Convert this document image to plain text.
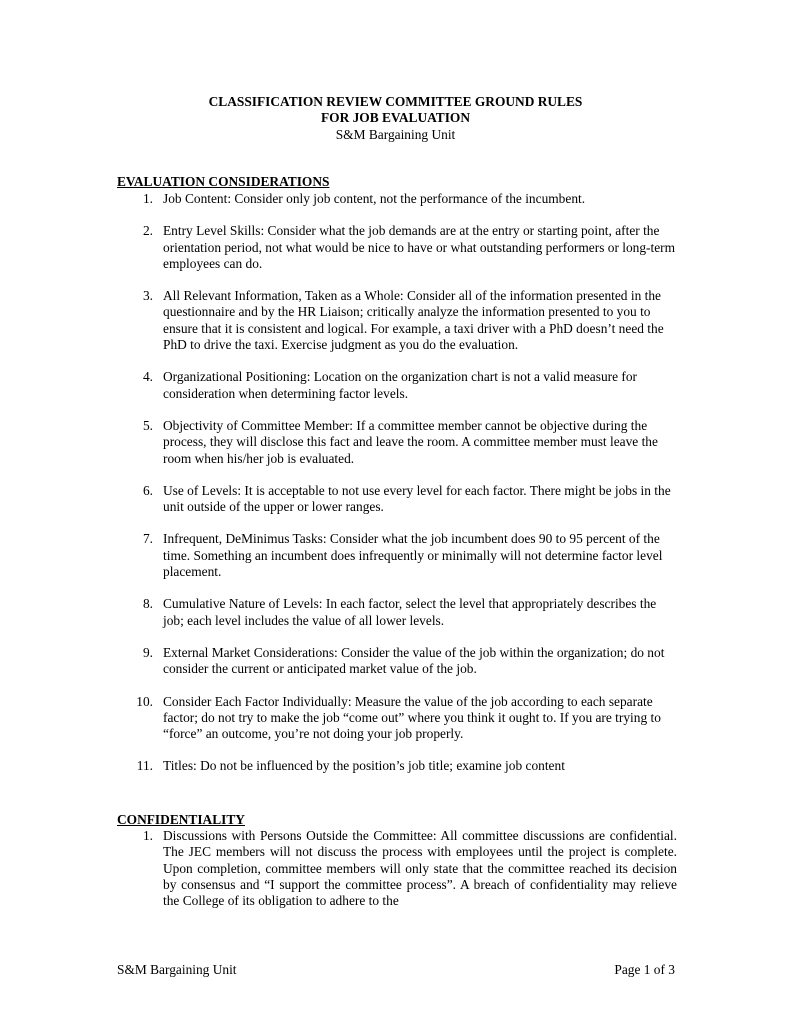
CLASSIFICATION REVIEW COMMITTEE GROUND RULES
FOR JOB EVALUATION
S&M Bargaining Unit
EVALUATION CONSIDERATIONS
1. Job Content: Consider only job content, not the performance of the incumbent.
2. Entry Level Skills: Consider what the job demands are at the entry or starting point, after the orientation period, not what would be nice to have or what outstanding performers or long-term employees can do.
3. All Relevant Information, Taken as a Whole: Consider all of the information presented in the questionnaire and by the HR Liaison; critically analyze the information presented to you to ensure that it is consistent and logical. For example, a taxi driver with a PhD doesn’t need the PhD to drive the taxi. Exercise judgment as you do the evaluation.
4. Organizational Positioning: Location on the organization chart is not a valid measure for consideration when determining factor levels.
5. Objectivity of Committee Member: If a committee member cannot be objective during the process, they will disclose this fact and leave the room. A committee member must leave the room when his/her job is evaluated.
6. Use of Levels: It is acceptable to not use every level for each factor. There might be jobs in the unit outside of the upper or lower ranges.
7. Infrequent, DeMinimus Tasks: Consider what the job incumbent does 90 to 95 percent of the time. Something an incumbent does infrequently or minimally will not determine factor level placement.
8. Cumulative Nature of Levels: In each factor, select the level that appropriately describes the job; each level includes the value of all lower levels.
9. External Market Considerations: Consider the value of the job within the organization; do not consider the current or anticipated market value of the job.
10. Consider Each Factor Individually: Measure the value of the job according to each separate factor; do not try to make the job “come out” where you think it ought to. If you are trying to “force” an outcome, you’re not doing your job properly.
11. Titles: Do not be influenced by the position’s job title; examine job content
CONFIDENTIALITY
1. Discussions with Persons Outside the Committee: All committee discussions are confidential. The JEC members will not discuss the process with employees until the project is complete. Upon completion, committee members will only state that the committee reached its decision by consensus and “I support the committee process”. A breach of confidentiality may relieve the College of its obligation to adhere to the
S&M Bargaining Unit	Page 1 of 3
